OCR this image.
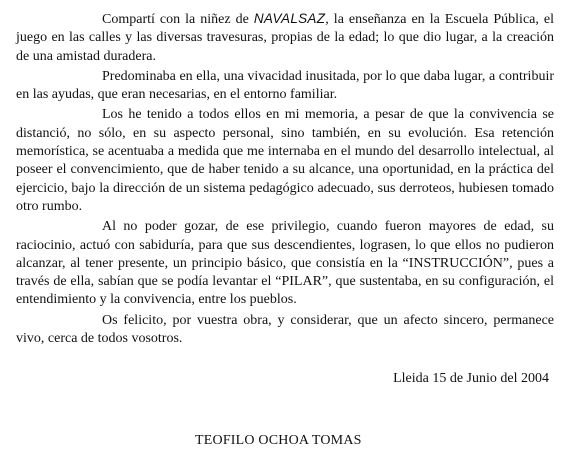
Compartí con la niñez de NAVALSAZ, la enseñanza en la Escuela Pública, el juego en las calles y las diversas travesuras, propias de la edad; lo que dio lugar, a la creación de una amistad duradera.

Predominaba en ella, una vivacidad inusitada, por lo que daba lugar, a contribuir en las ayudas, que eran necesarias, en el entorno familiar.

Los he tenido a todos ellos en mi memoria, a pesar de que la convivencia se distanció, no sólo, en su aspecto personal, sino también, en su evolución. Esa retención memorística, se acentuaba a medida que me internaba en el mundo del desarrollo intelectual, al poseer el convencimiento, que de haber tenido a su alcance, una oportunidad, en la práctica del ejercicio, bajo la dirección de un sistema pedagógico adecuado, sus derroteos, hubiesen tomado otro rumbo.

Al no poder gozar, de ese privilegio, cuando fueron mayores de edad, su raciocinio, actuó con sabiduría, para que sus descendientes, lograsen, lo que ellos no pudieron alcanzar, al tener presente, un principio básico, que consistía en la “INSTRUCCIÓN”, pues a través de ella, sabían que se podía levantar el “PILAR”, que sustentaba, en su configuración, el entendimiento y la convivencia, entre los pueblos.

Os felicito, por vuestra obra, y considerar, que un afecto sincero, permanece vivo, cerca de todos vosotros.

Lleida 15 de Junio del 2004
TEOFILO OCHOA TOMAS
